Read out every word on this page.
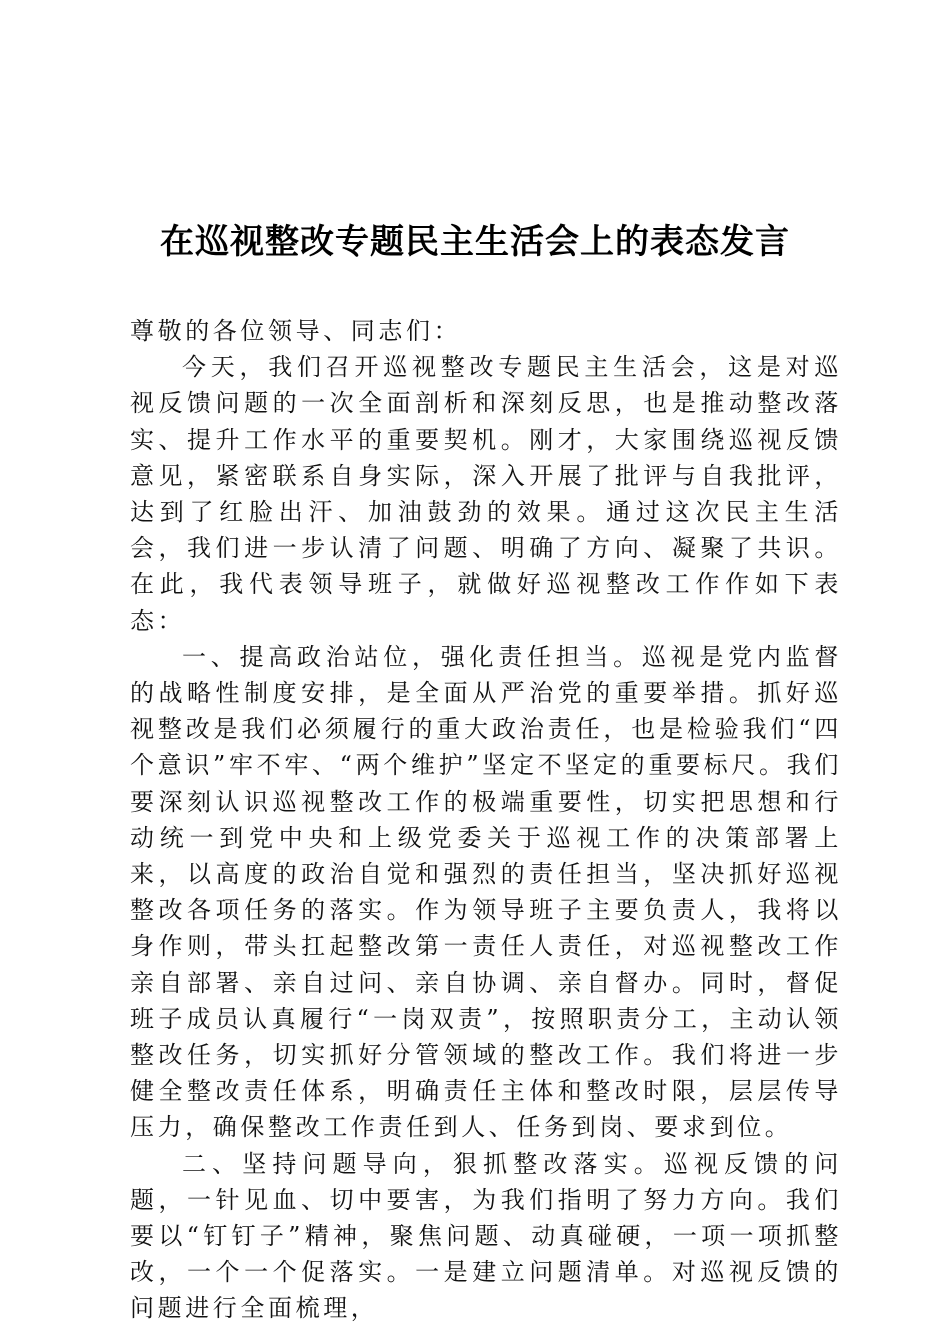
在巡视整改专题民主生活会上的表态发言

尊敬的各位领导、同志们：

今天，我们召开巡视整改专题民主生活会，这是对巡视反馈问题的一次全面剖析和深刻反思，也是推动整改落实、提升工作水平的重要契机。刚才，大家围绕巡视反馈意见，紧密联系自身实际，深入开展了批评与自我批评，达到了红脸出汗、加油鼓劲的效果。通过这次民主生活会，我们进一步认清了问题、明确了方向、凝聚了共识。在此，我代表领导班子，就做好巡视整改工作作如下表态：

一、提高政治站位，强化责任担当。巡视是党内监督的战略性制度安排，是全面从严治党的重要举措。抓好巡视整改是我们必须履行的重大政治责任，也是检验我们“四个意识”牢不牢、“两个维护”坚定不坚定的重要标尺。我们要深刻认识巡视整改工作的极端重要性，切实把思想和行动统一到党中央和上级党委关于巡视工作的决策部署上来，以高度的政治自觉和强烈的责任担当，坚决抓好巡视整改各项任务的落实。作为领导班子主要负责人，我将以身作则，带头扛起整改第一责任人责任，对巡视整改工作亲自部署、亲自过问、亲自协调、亲自督办。同时，督促班子成员认真履行“一岗双责”，按照职责分工，主动认领整改任务，切实抓好分管领域的整改工作。我们将进一步健全整改责任体系，明确责任主体和整改时限，层层传导压力，确保整改工作责任到人、任务到岗、要求到位。

二、坚持问题导向，狠抓整改落实。巡视反馈的问题，一针见血、切中要害，为我们指明了努力方向。我们要以“钉钉子”精神，聚焦问题、动真碰硬，一项一项抓整改，一个一个促落实。一是建立问题清单。对巡视反馈的问题进行全面梳理，
